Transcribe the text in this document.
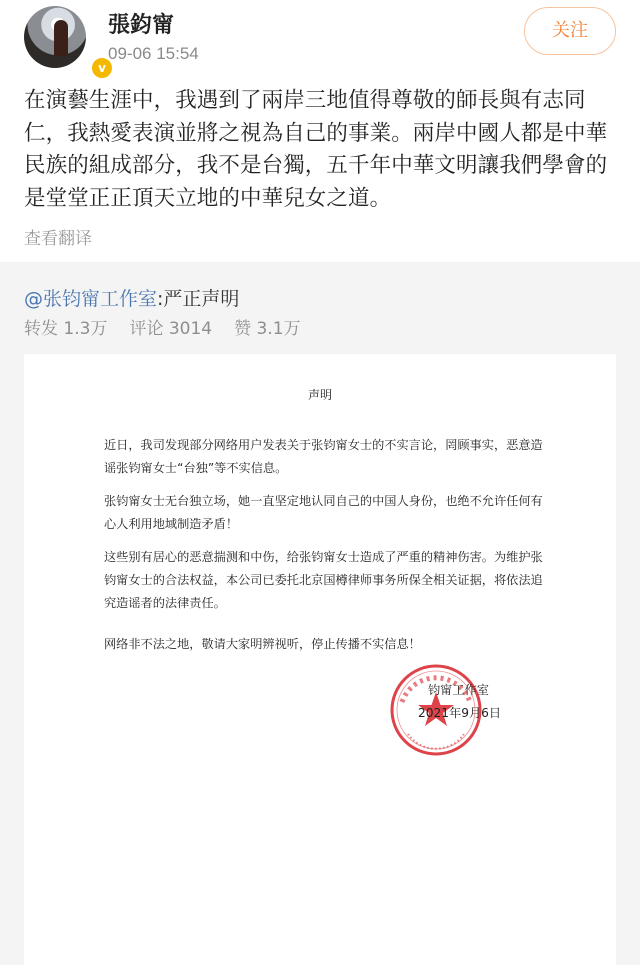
v
張鈞甯
09-06 15:54
关注
在演藝生涯中，我遇到了兩岸三地值得尊敬的師長與有志同仁，我熱愛表演並將之視為自己的事業。兩岸中國人都是中華民族的組成部分，我不是台獨，五千年中華文明讓我們學會的是堂堂正正頂天立地的中華兒女之道。
查看翻译
@张钧甯工作室:严正声明
转发 1.3万 评论 3014 赞 3.1万
声明
近日，我司发现部分网络用户发表关于张钧甯女士的不实言论，罔顾事实，恶意造谣张钧甯女士“台独”等不实信息。
张钧甯女士无台独立场，她一直坚定地认同自己的中国人身份，也绝不允许任何有心人利用地域制造矛盾！
这些别有居心的恶意揣测和中伤，给张钧甯女士造成了严重的精神伤害。为维护张钧甯女士的合法权益，本公司已委托北京国樽律师事务所保全相关证据，将依法追究造谣者的法律责任。
网络非不法之地，敬请大家明辨视听，停止传播不实信息！
钧甯工作室
2021年9月6日
